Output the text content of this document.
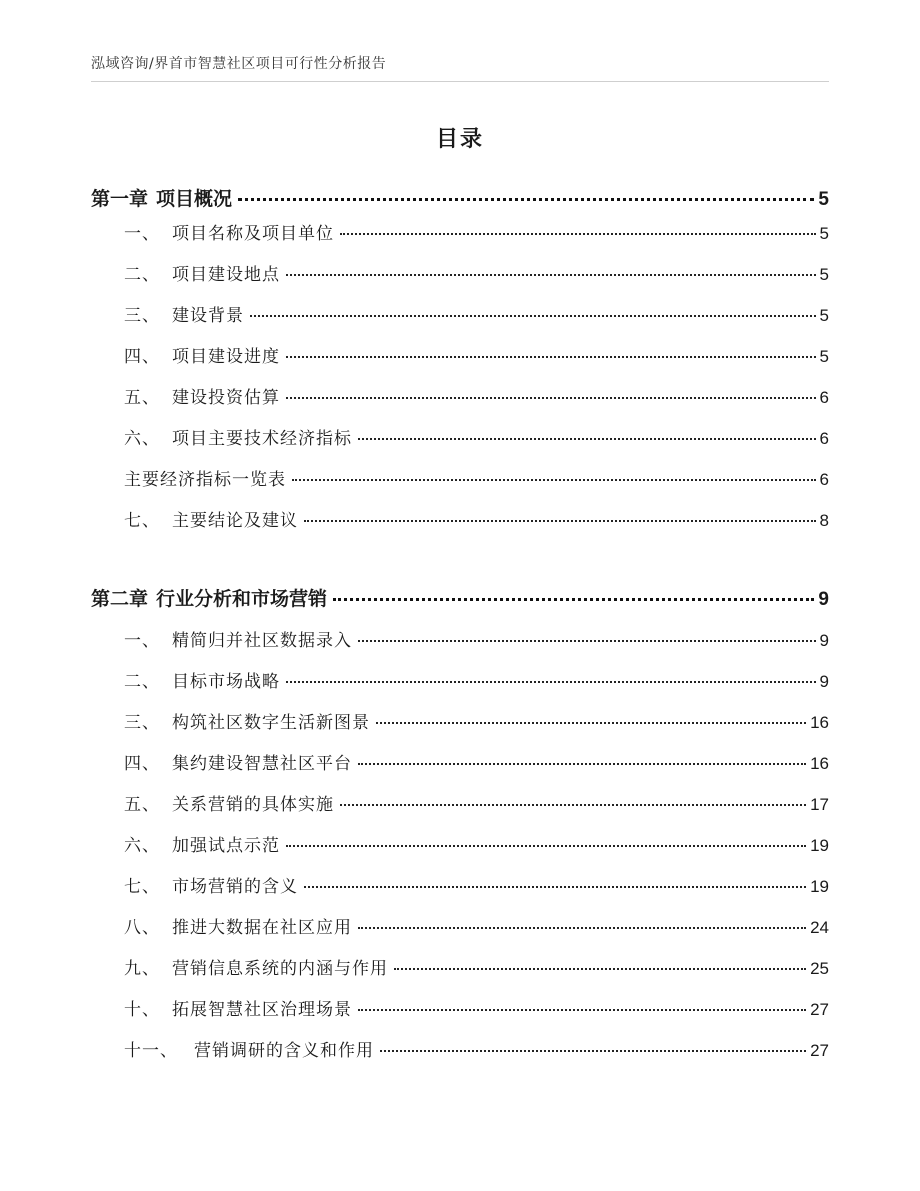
泓域咨询/界首市智慧社区项目可行性分析报告
目录
第一章 项目概况	5
一、 项目名称及项目单位	5
二、 项目建设地点	5
三、 建设背景	5
四、 项目建设进度	5
五、 建设投资估算	6
六、 项目主要技术经济指标	6
主要经济指标一览表	6
七、 主要结论及建议	8
第二章 行业分析和市场营销	9
一、 精简归并社区数据录入	9
二、 目标市场战略	9
三、 构筑社区数字生活新图景	16
四、 集约建设智慧社区平台	16
五、 关系营销的具体实施	17
六、 加强试点示范	19
七、 市场营销的含义	19
八、 推进大数据在社区应用	24
九、 营销信息系统的内涵与作用	25
十、 拓展智慧社区治理场景	27
十一、 营销调研的含义和作用	27
